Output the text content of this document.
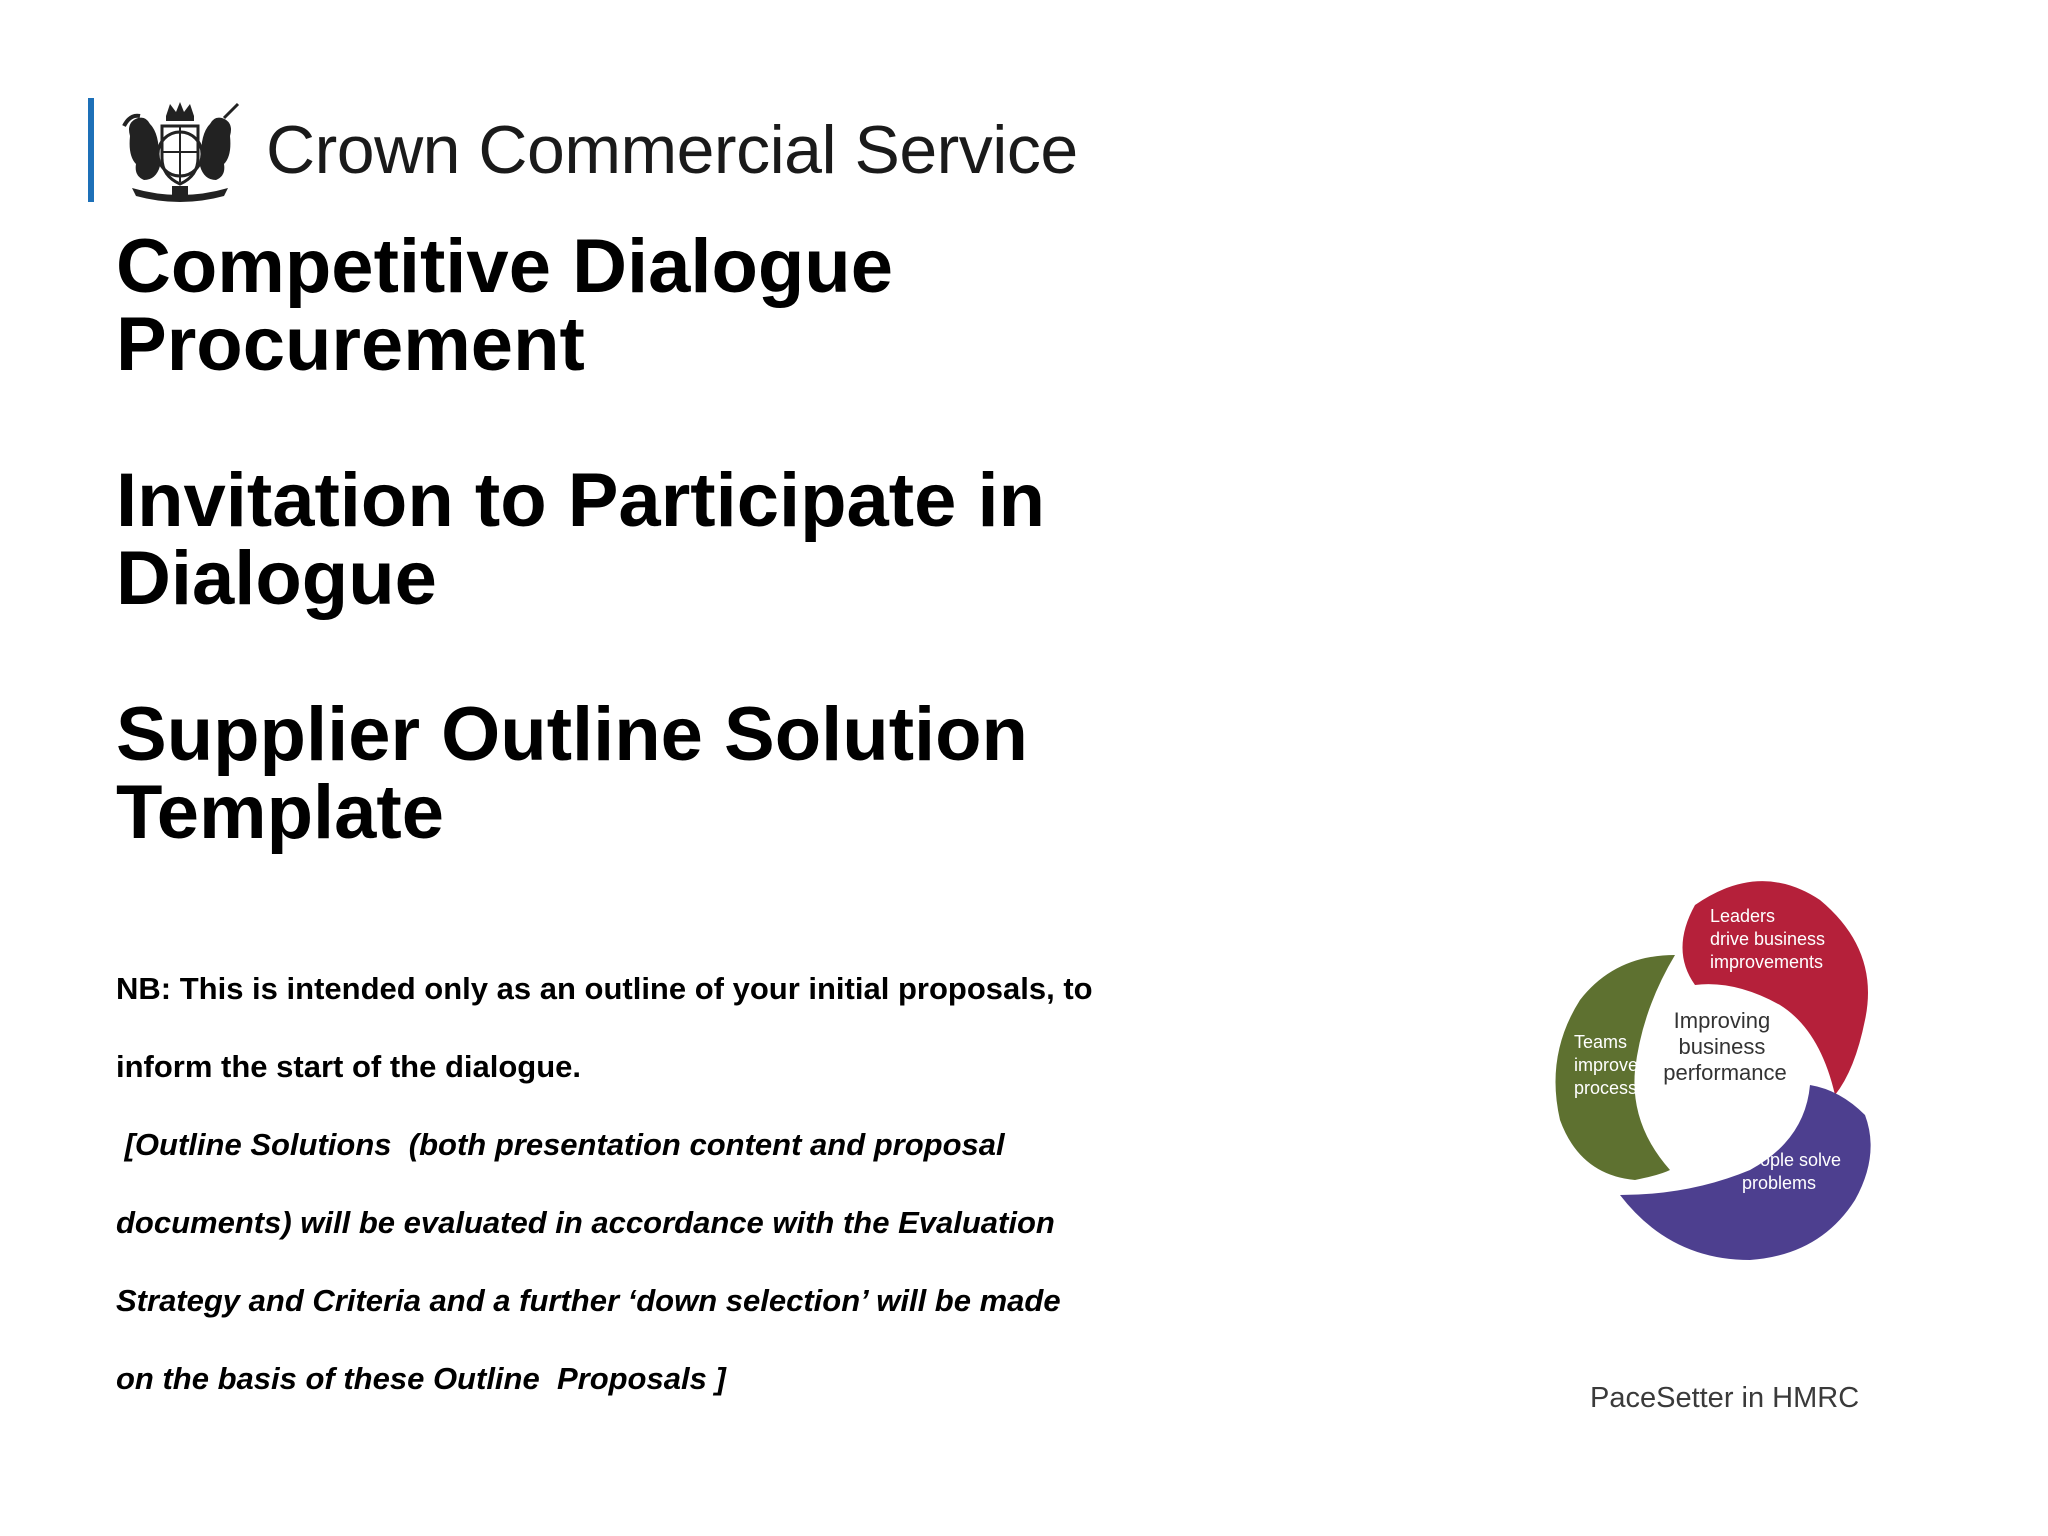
Crown Commercial Service
Competitive Dialogue
Procurement
Invitation to Participate in
Dialogue
Supplier Outline Solution
Template
NB: This is intended only as an outline of your initial proposals, to
inform the start of the dialogue.
[Outline Solutions  (both presentation content and proposal
documents) will be evaluated in accordance with the Evaluation
Strategy and Criteria and a further ‘down selection’ will be made
on the basis of these Outline  Proposals ]
Improving business performance
Leaders drive business improvements
Teams improve processes
People solve problems
PaceSetter in HMRC
